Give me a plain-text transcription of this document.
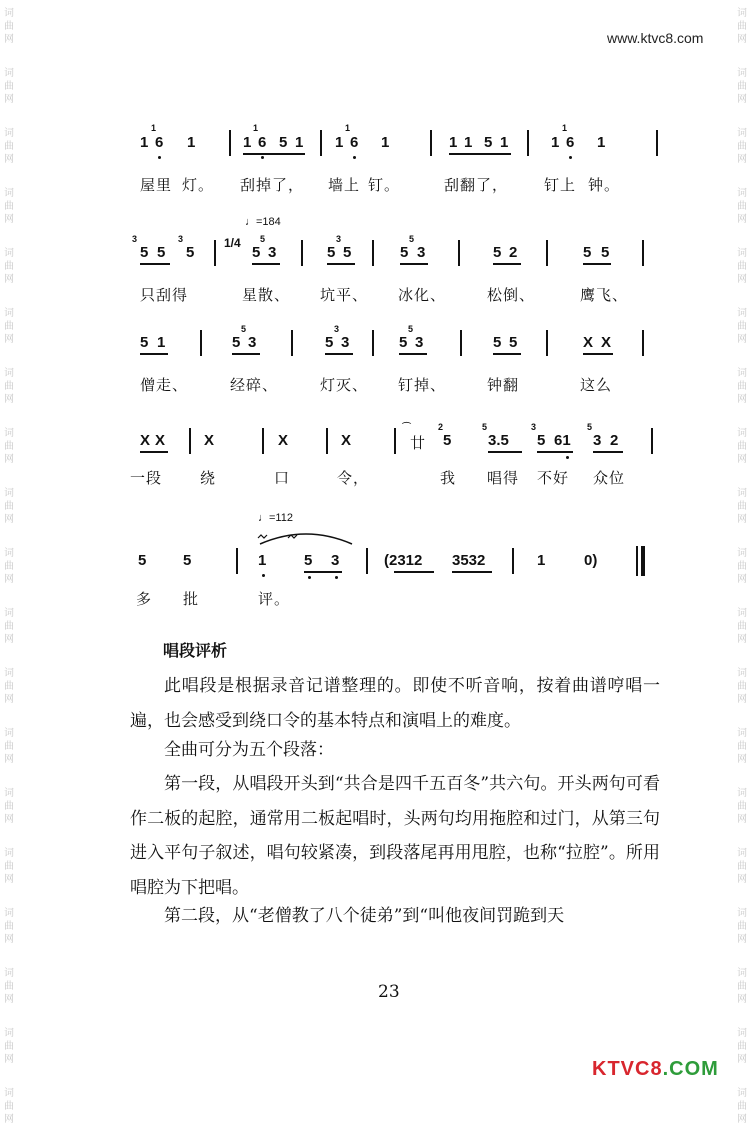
词
曲
网
词
曲
网
词
曲
网
词
曲
网
词
曲
网
词
曲
网
词
曲
网
词
曲
网
词
曲
网
词
曲
网
词
曲
网
词
曲
网
词
曲
网
词
曲
网
词
曲
网
词
曲
网
词
曲
网
词
曲
网
词
曲
网
词
曲
网
词
曲
网
词
曲
网
词
曲
网
词
曲
网
词
曲
网
词
曲
网
词
曲
网
词
曲
网
词
曲
网
词
曲
网
词
曲
网
词
曲
网
词
曲
网
词
曲
网
词
曲
网
词
曲
网
词
曲
网
词
曲
网
www.ktvc8.com
1
1 6 1
1
1 6 5 1
1
1 6 1	1 1 5 1
1
1 6 1
屋里 灯。 刮掉了， 墙上 钉。	刮翻了， 钉上 钟。
♩=184
3
5 5
3
5
1/4 5
5 3
3
5 5
5
5 3	5 2	5 5
只刮得	星散、 坑平、 冰化、	松倒、	鹰飞、
5 1
5
5 3
3
5 3
5
5 3	5 5	X X
僧走、	经碎、	灯灭、 钉掉、	钟翻	这么
X X	X	X	X
⌒
廿
2
5
5
3.5
3
5 61
5
3 2
一段	绕	口	令，	我 唱得 不好 众位
♩=112
5 5	1	5 3	(2312 3532	1	0)
多 批	评。
唱段评析
此唱段是根据录音记谱整理的。即使不听音响，按着曲谱哼唱一遍，也会感受到绕口令的基本特点和演唱上的难度。
全曲可分为五个段落：
第一段，从唱段开头到“共合是四千五百冬”共六句。开头两句可看作二板的起腔，通常用二板起唱时，头两句均用拖腔和过门，从第三句进入平句子叙述，唱句较紧凑，到段落尾再用甩腔，也称“拉腔”。所用唱腔为下把唱。
第二段，从“老僧教了八个徒弟”到“叫他夜间罚跪到天
23
KTVC8.COM
